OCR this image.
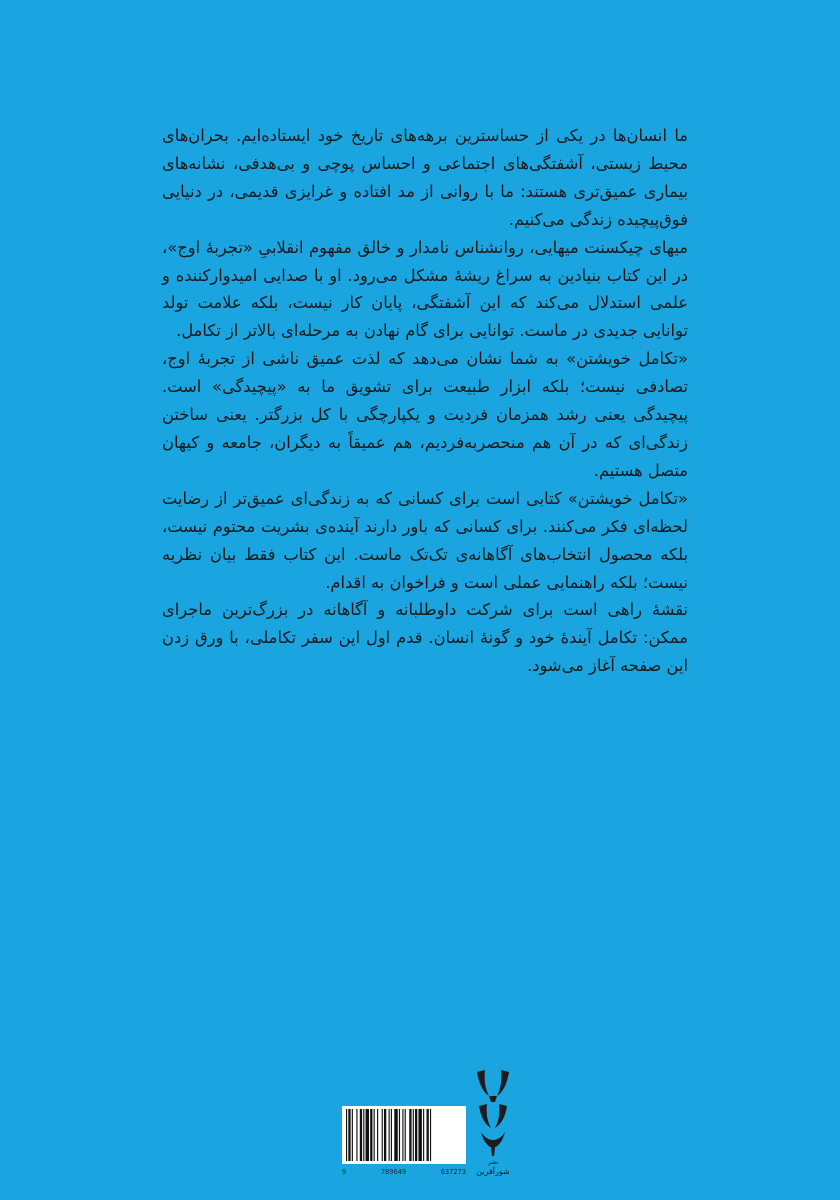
ما انسان‌ها در یکی از حساسترین برهه‌های تاریخ خود ایستاده‌ایم. بحران‌های محیط زیستی، آشفتگی‌های اجتماعی و احساس پوچی و بی‌هدفی، نشانه‌های بیماری عمیق‌تری هستند: ما با روانی از مد افتاده و غرایزی قدیمی، در دنیایی فوق‌پیچیده زندگی می‌کنیم.

میهای چیکسنت میهایی، روانشناس نامدار و خالق مفهوم انقلابیِ «تجربهٔ اوج»، در این کتاب بنیادین به سراغ ریشهٔ مشکل می‌رود. او با صدایی امیدوارکننده و علمی استدلال می‌کند که این آشفتگی، پایان کار نیست، بلکه علامت تولد توانایی جدیدی در ماست. توانایی برای گام نهادن به مرحله‌ای بالاتر از تکامل.

«تکامل خویشتن» به شما نشان می‌دهد که لذت عمیق ناشی از تجربهٔ اوج، تصادفی نیست؛ بلکه ابزار طبیعت برای تشویق ما به «پیچیدگی» است. پیچیدگی یعنی رشد همزمان فردیت و یکپارچگی با کل بزرگتر. یعنی ساختن زندگی‌ای که در آن هم منحصربه‌فردیم، هم عمیقاً به دیگران، جامعه و کیهان متصل هستیم.

«تکامل خویشتن» کتابی است برای کسانی که به زندگی‌ای عمیق‌تر از رضایت لحظه‌ای فکر می‌کنند. برای کسانی که باور دارند آینده‌ی بشریت محتوم نیست، بلکه محصول انتخاب‌های آگاهانه‌ی تک‌تک ماست. این کتاب فقط بیان نظریه نیست؛ بلکه راهنمایی عملی است و فراخوان به اقدام.

نقشهٔ راهی است برای شرکت داوطلبانه و آگاهانه در بزرگ‌ترین ماجرای ممکن: تکامل آیندهٔ خود و گونهٔ انسان. قدم اول این سفر تکاملی، با ورق زدن این صفحه آغاز می‌شود.

نشر
شورآفرین
9	789649	637273
